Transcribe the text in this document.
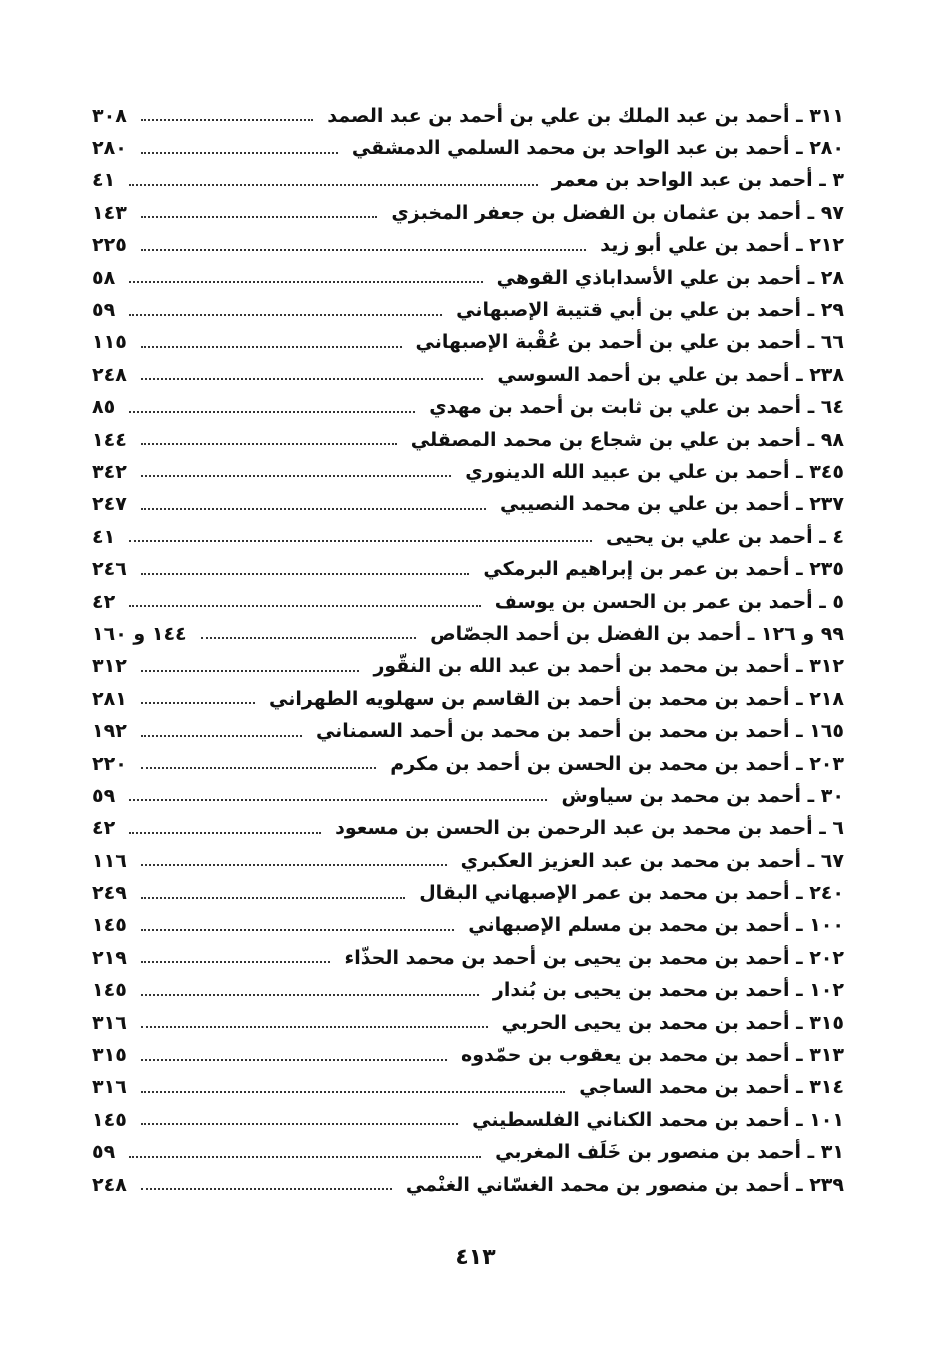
٣١١ ـ أحمد بن عبد الملك بن علي بن أحمد بن عبد الصمد
٣٠٨
٢٨٠ ـ أحمد بن عبد الواحد بن محمد السلمي الدمشقي
٢٨٠
٣ ـ أحمد بن عبد الواحد بن معمر
٤١
٩٧ ـ أحمد بن عثمان بن الفضل بن جعفر المخبزي
١٤٣
٢١٢ ـ أحمد بن علي أبو زيد
٢٢٥
٢٨ ـ أحمد بن علي الأسداباذي القوهي
٥٨
٢٩ ـ أحمد بن علي بن أبي قتيبة الإصبهاني
٥٩
٦٦ ـ أحمد بن علي بن أحمد بن عُقْبة الإصبهاني
١١٥
٢٣٨ ـ أحمد بن علي بن أحمد السوسي
٢٤٨
٦٤ ـ أحمد بن علي بن ثابت بن أحمد بن مهدي
٨٥
٩٨ ـ أحمد بن علي بن شجاع بن محمد المصقلي
١٤٤
٣٤٥ ـ أحمد بن علي بن عبيد الله الدينوري
٣٤٢
٢٣٧ ـ أحمد بن علي بن محمد النصيبي
٢٤٧
٤ ـ أحمد بن علي بن يحيى
٤١
٢٣٥ ـ أحمد بن عمر بن إبراهيم البرمكي
٢٤٦
٥ ـ أحمد بن عمر بن الحسن بن يوسف
٤٢
٩٩ و ١٢٦ ـ أحمد بن الفضل بن أحمد الجصّاص
١٤٤ و ١٦٠
٣١٢ ـ أحمد بن محمد بن أحمد بن عبد الله بن النقّور
٣١٢
٢١٨ ـ أحمد بن محمد بن أحمد بن القاسم بن سهلويه الطهراني
٢٨١
١٦٥ ـ أحمد بن محمد بن أحمد بن محمد بن أحمد السمناني
١٩٢
٢٠٣ ـ أحمد بن محمد بن الحسن بن أحمد بن مكرم
٢٢٠
٣٠ ـ أحمد بن محمد بن سياوش
٥٩
٦ ـ أحمد بن محمد بن عبد الرحمن بن الحسن بن مسعود
٤٢
٦٧ ـ أحمد بن محمد بن عبد العزيز العكبري
١١٦
٢٤٠ ـ أحمد بن محمد بن عمر الإصبهاني البقال
٢٤٩
١٠٠ ـ أحمد بن محمد بن مسلم الإصبهاني
١٤٥
٢٠٢ ـ أحمد بن محمد بن يحيى بن أحمد بن محمد الحذّاء
٢١٩
١٠٢ ـ أحمد بن محمد بن يحيى بن بُندار
١٤٥
٣١٥ ـ أحمد بن محمد بن يحيى الحربي
٣١٦
٣١٣ ـ أحمد بن محمد بن يعقوب بن حمّدوه
٣١٥
٣١٤ ـ أحمد بن محمد الساجي
٣١٦
١٠١ ـ أحمد بن محمد الكناني الفلسطيني
١٤٥
٣١ ـ أحمد بن منصور بن خَلَف المغربي
٥٩
٢٣٩ ـ أحمد بن منصور بن محمد الغسّاني الغنْمي
٢٤٨
٤١٣
